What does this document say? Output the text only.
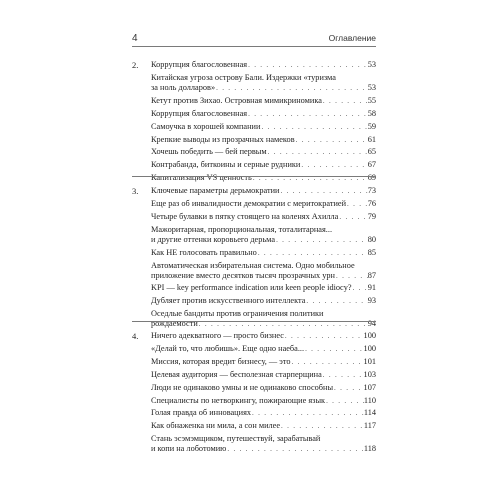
4	Оглавление
2. Коррупция благословенная . . .	53
Китайская угроза острову Бали. Издержки «туризма
за ноль долларов» . . .	53
Кетут против Зихао. Островная мимикриномика . . .	55
Коррупция благословенная . . .	58
Самоучка в хорошей компании . . .	59
Крепкие выводы из прозрачных намеков . . .	61
Хочешь победить — бей первым . . .	65
Контрабанда, биткоины и серные рудники . . .	67
Капитализация VS ценность . . .	69
3. Ключевые параметры дерьмократии . . .	73
Еще раз об инвалидности демократии с меритократией . . .	76
Четыре булавки в пятку стоящего на коленях Ахилла . . .	79
Мажоритарная, пропорциональная, тоталитарная...
и другие оттенки коровьего дерьма . . .	80
Как НЕ голосовать правильно . . .	85
Автоматическая избирательная система. Одно мобильное
приложение вместо десятков тысяч прозрачных урн . . .	87
KPI — key performance indication или keen people idiocy? . . . 91
Дубляет против искусственного интеллекта . . .	93
Оседлые бандиты против ограничения политики
рождаемости . . .	94
4. Ничего адекватного — просто бизнес . . .	100
«Делай то, что любишь». Еще одно наеба... . . .	100
Миссия, которая вредит бизнесу, — это . . .	101
Целевая аудитория — бесполезная старперщина . . .	103
Люди не одинаково умны и не одинаково способны . . .	107
Специалисты по нетворкингу, пожирающие язык . . .	110
Голая правда об инновациях . . .	114
Как обнаженка ни мила, а сон милее . . .	117
Стань эсэмэмщиком, путешествуй, зарабатывай
и копи на лоботомию . . .	118
